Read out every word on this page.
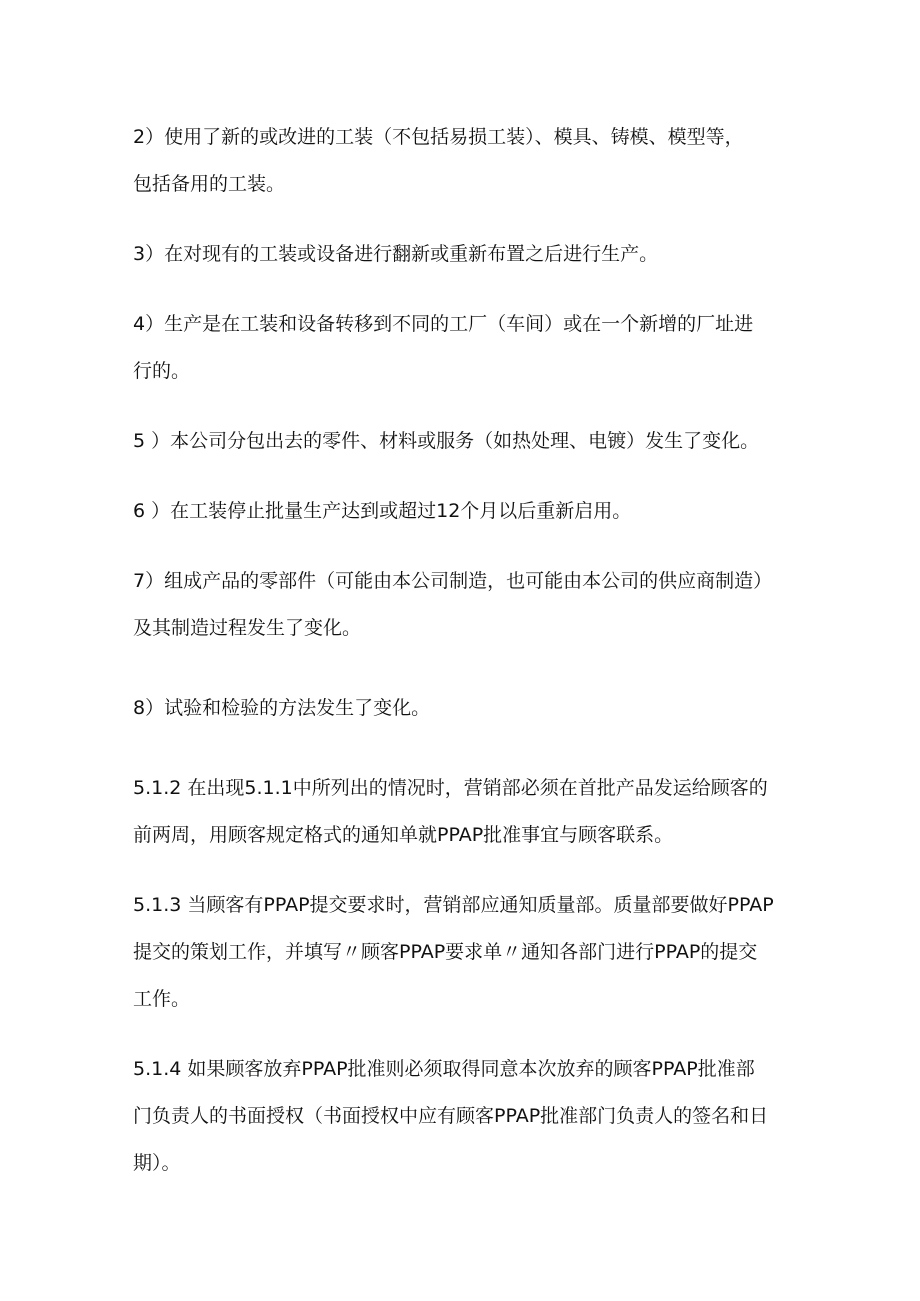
2）使用了新的或改进的工装（不包括易损工装）、模具、铸模、模型等，
包括备用的工装。

3）在对现有的工装或设备进行翻新或重新布置之后进行生产。

4）生产是在工装和设备转移到不同的工厂（车间）或在一个新增的厂址进
行的。

5 ）本公司分包出去的零件、材料或服务（如热处理、电镀）发生了变化。

6 ）在工装停止批量生产达到或超过12个月以后重新启用。

7）组成产品的零部件（可能由本公司制造，也可能由本公司的供应商制造）
及其制造过程发生了变化。

8）试验和检验的方法发生了变化。

5.1.2 在出现5.1.1中所列出的情况时，营销部必须在首批产品发运给顾客的
前两周，用顾客规定格式的通知单就PPAP批准事宜与顾客联系。

5.1.3 当顾客有PPAP提交要求时，营销部应通知质量部。质量部要做好PPAP
提交的策划工作，并填写〃顾客PPAP要求单〃通知各部门进行PPAP的提交
工作。

5.1.4 如果顾客放弃PPAP批准则必须取得同意本次放弃的顾客PPAP批准部
门负责人的书面授权（书面授权中应有顾客PPAP批准部门负责人的签名和日
期）。
